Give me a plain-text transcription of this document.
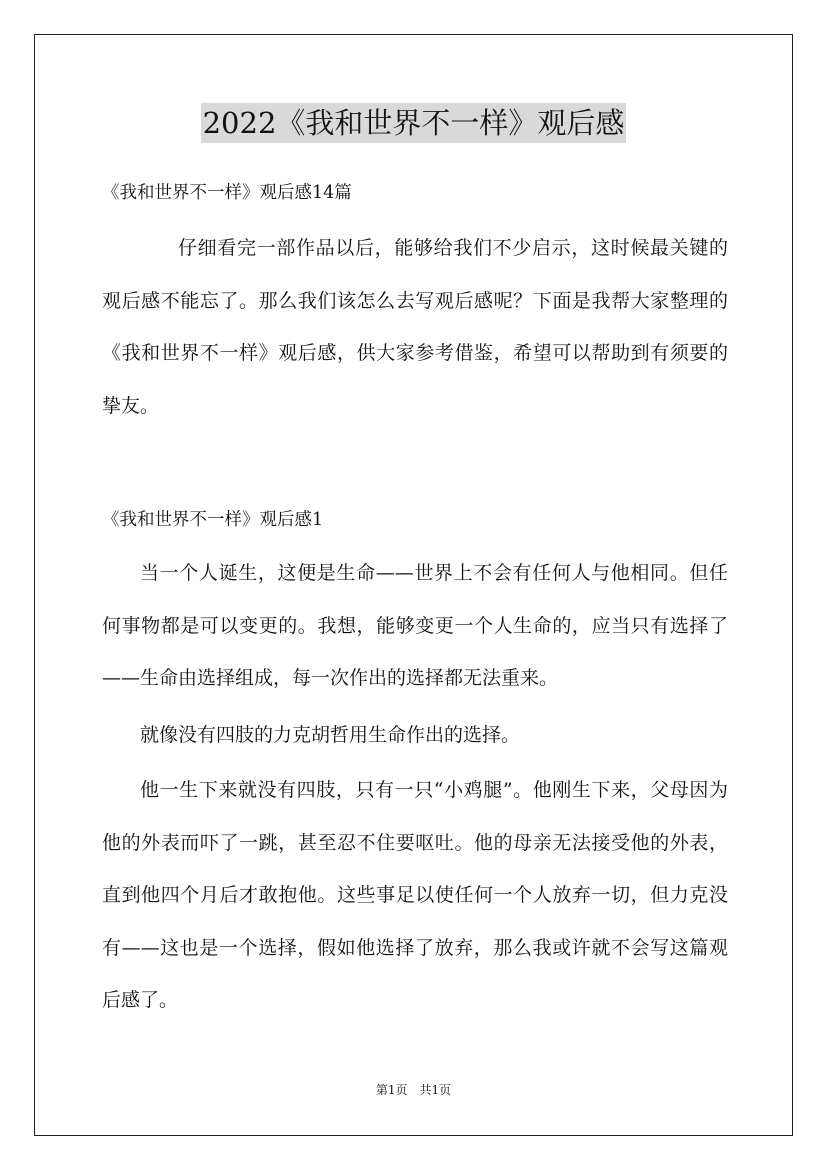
2022《我和世界不一样》观后感
《我和世界不一样》观后感14篇

仔细看完一部作品以后，能够给我们不少启示，这时候最关键的观后感不能忘了。那么我们该怎么去写观后感呢？下面是我帮大家整理的《我和世界不一样》观后感，供大家参考借鉴，希望可以帮助到有须要的挚友。

《我和世界不一样》观后感1

当一个人诞生，这便是生命——世界上不会有任何人与他相同。但任何事物都是可以变更的。我想，能够变更一个人生命的，应当只有选择了——生命由选择组成，每一次作出的选择都无法重来。

就像没有四肢的力克胡哲用生命作出的选择。

他一生下来就没有四肢，只有一只“小鸡腿”。他刚生下来，父母因为他的外表而吓了一跳，甚至忍不住要呕吐。他的母亲无法接受他的外表，直到他四个月后才敢抱他。这些事足以使任何一个人放弃一切，但力克没有——这也是一个选择，假如他选择了放弃，那么我或许就不会写这篇观后感了。

第1页　共1页
